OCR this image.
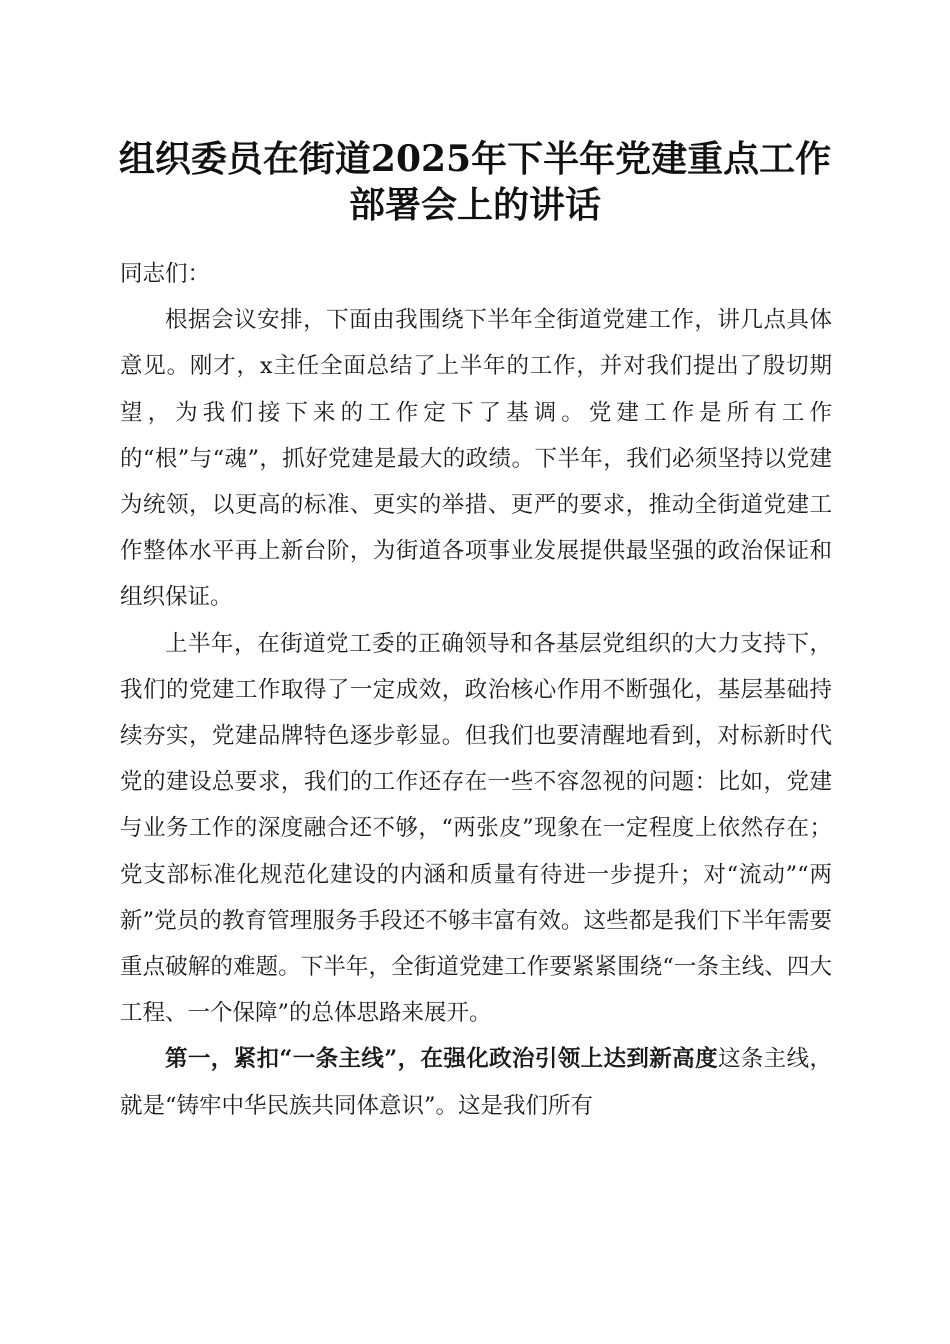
组织委员在街道2025年下半年党建重点工作
部署会上的讲话

同志们：

根据会议安排，下面由我围绕下半年全街道党建工作，讲几点具体意见。刚才，x主任全面总结了上半年的工作，并对我们提出了殷切期望，为我们接下来的工作定下了基调。党建工作是所有工作的“根”与“魂”，抓好党建是最大的政绩。下半年，我们必须坚持以党建为统领，以更高的标准、更实的举措、更严的要求，推动全街道党建工作整体水平再上新台阶，为街道各项事业发展提供最坚强的政治保证和组织保证。

上半年，在街道党工委的正确领导和各基层党组织的大力支持下，我们的党建工作取得了一定成效，政治核心作用不断强化，基层基础持续夯实，党建品牌特色逐步彰显。但我们也要清醒地看到，对标新时代党的建设总要求，我们的工作还存在一些不容忽视的问题：比如，党建与业务工作的深度融合还不够，“两张皮”现象在一定程度上依然存在；党支部标准化规范化建设的内涵和质量有待进一步提升；对“流动”“两新”党员的教育管理服务手段还不够丰富有效。这些都是我们下半年需要重点破解的难题。下半年，全街道党建工作要紧紧围绕“一条主线、四大工程、一个保障”的总体思路来展开。

第一，紧扣“一条主线”，在强化政治引领上达到新高度这条主线，就是“铸牢中华民族共同体意识”。这是我们所有
